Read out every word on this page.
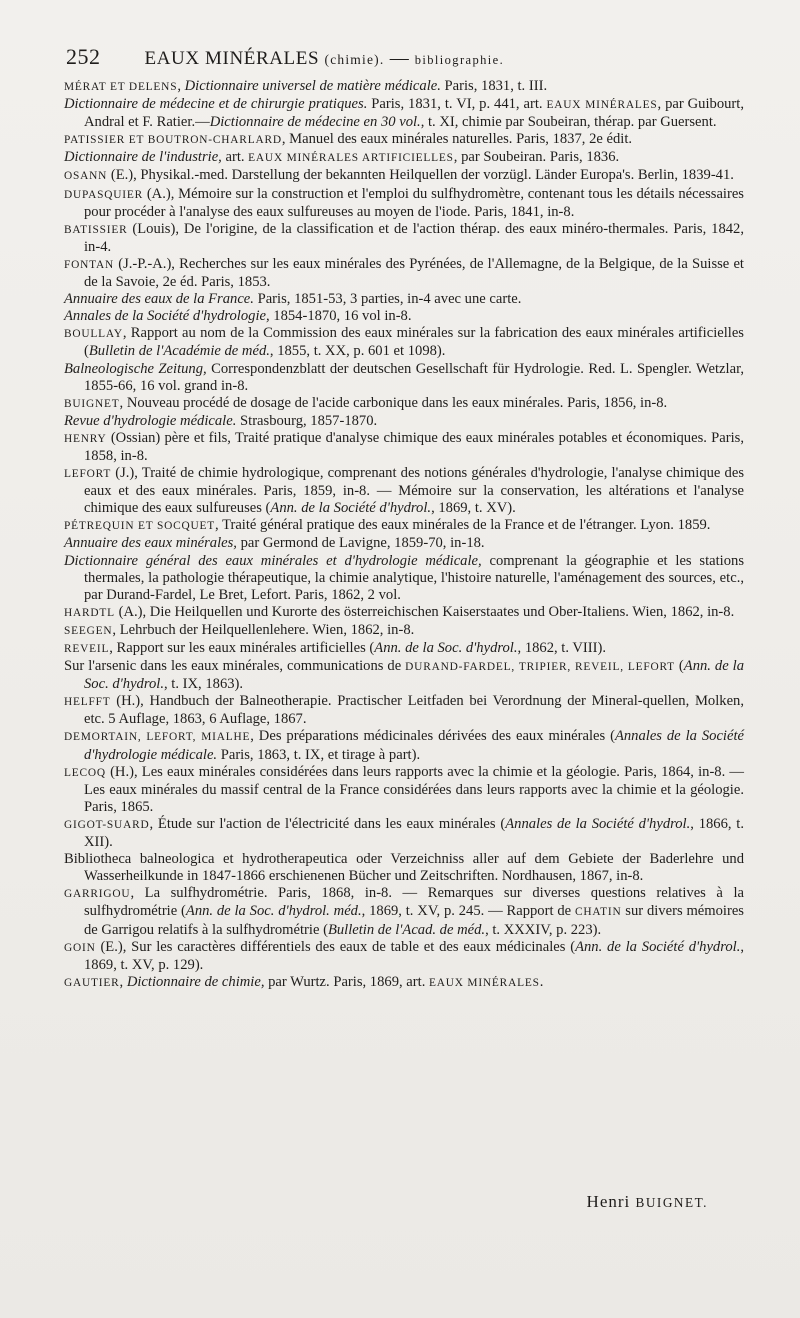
252 EAUX MINÉRALES (chimie). — bibliographie.

MÉRAT ET DELENS, Dictionnaire universel de matière médicale. Paris, 1831, t. III.

Dictionnaire de médecine et de chirurgie pratiques. Paris, 1831, t. VI, p. 441, art. EAUX MINÉRALES, par Guibourt, Andral et F. Ratier.—Dictionnaire de médecine en 30 vol., t. XI, chimie par Soubeiran, thérap. par Guersent.

PATISSIER ET BOUTRON-CHARLARD, Manuel des eaux minérales naturelles. Paris, 1837, 2e édit.

Dictionnaire de l'industrie, art. EAUX MINÉRALES ARTIFICIELLES, par Soubeiran. Paris, 1836.

OSANN (E.), Physikal.-med. Darstellung der bekannten Heilquellen der vorzügl. Länder Europa's. Berlin, 1839-41.

DUPASQUIER (A.), Mémoire sur la construction et l'emploi du sulfhydromètre, contenant tous les détails nécessaires pour procéder à l'analyse des eaux sulfureuses au moyen de l'iode. Paris, 1841, in-8.

BATISSIER (Louis), De l'origine, de la classification et de l'action thérap. des eaux minéro-thermales. Paris, 1842, in-4.

FONTAN (J.-P.-A.), Recherches sur les eaux minérales des Pyrénées, de l'Allemagne, de la Belgique, de la Suisse et de la Savoie, 2e éd. Paris, 1853.

Annuaire des eaux de la France. Paris, 1851-53, 3 parties, in-4 avec une carte.

Annales de la Société d'hydrologie, 1854-1870, 16 vol in-8.

BOULLAY, Rapport au nom de la Commission des eaux minérales sur la fabrication des eaux minérales artificielles (Bulletin de l'Académie de méd., 1855, t. XX, p. 601 et 1098).

Balneologische Zeitung, Correspondenzblatt der deutschen Gesellschaft für Hydrologie. Red. L. Spengler. Wetzlar, 1855-66, 16 vol. grand in-8.

BUIGNET, Nouveau procédé de dosage de l'acide carbonique dans les eaux minérales. Paris, 1856, in-8.

Revue d'hydrologie médicale. Strasbourg, 1857-1870.

HENRY (Ossian) père et fils, Traité pratique d'analyse chimique des eaux minérales potables et économiques. Paris, 1858, in-8.

LEFORT (J.), Traité de chimie hydrologique, comprenant des notions générales d'hydrologie, l'analyse chimique des eaux et des eaux minérales. Paris, 1859, in-8. — Mémoire sur la conservation, les altérations et l'analyse chimique des eaux sulfureuses (Ann. de la Société d'hydrol., 1869, t. XV).

PÉTREQUIN ET SOCQUET, Traité général pratique des eaux minérales de la France et de l'étranger. Lyon. 1859.

Annuaire des eaux minérales, par Germond de Lavigne, 1859-70, in-18.

Dictionnaire général des eaux minérales et d'hydrologie médicale, comprenant la géographie et les stations thermales, la pathologie thérapeutique, la chimie analytique, l'histoire naturelle, l'aménagement des sources, etc., par Durand-Fardel, Le Bret, Lefort. Paris, 1862, 2 vol.

HARDTL (A.), Die Heilquellen und Kurorte des österreichischen Kaiserstaates und Ober-Italiens. Wien, 1862, in-8.

SEEGEN, Lehrbuch der Heilquellenlehere. Wien, 1862, in-8.

REVEIL, Rapport sur les eaux minérales artificielles (Ann. de la Soc. d'hydrol., 1862, t. VIII).

Sur l'arsenic dans les eaux minérales, communications de DURAND-FARDEL, TRIPIER, REVEIL, LEFORT (Ann. de la Soc. d'hydrol., t. IX, 1863).

HELFFT (H.), Handbuch der Balneotherapie. Practischer Leitfaden bei Verordnung der Mineral-quellen, Molken, etc. 5 Auflage, 1863, 6 Auflage, 1867.

DEMORTAIN, LEFORT, MIALHE, Des préparations médicinales dérivées des eaux minérales (Annales de la Société d'hydrologie médicale. Paris, 1863, t. IX, et tirage à part).

LECOQ (H.), Les eaux minérales considérées dans leurs rapports avec la chimie et la géologie. Paris, 1864, in-8. — Les eaux minérales du massif central de la France considérées dans leurs rapports avec la chimie et la géologie. Paris, 1865.

GIGOT-SUARD, Étude sur l'action de l'électricité dans les eaux minérales (Annales de la Société d'hydrol., 1866, t. XII).

Bibliotheca balneologica et hydrotherapeutica oder Verzeichniss aller auf dem Gebiete der Baderlehre und Wasserheilkunde in 1847-1866 erschienenen Bücher und Zeitschriften. Nordhausen, 1867, in-8.

GARRIGOU, La sulfhydrométrie. Paris, 1868, in-8. — Remarques sur diverses questions relatives à la sulfhydrométrie (Ann. de la Soc. d'hydrol. méd., 1869, t. XV, p. 245. — Rapport de CHATIN sur divers mémoires de Garrigou relatifs à la sulfhydrométrie (Bulletin de l'Acad. de méd., t. XXXIV, p. 223).

GOIN (E.), Sur les caractères différentiels des eaux de table et des eaux médicinales (Ann. de la Société d'hydrol., 1869, t. XV, p. 129).

GAUTIER, Dictionnaire de chimie, par Wurtz. Paris, 1869, art. EAUX MINÉRALES.

Henri BUIGNET.
